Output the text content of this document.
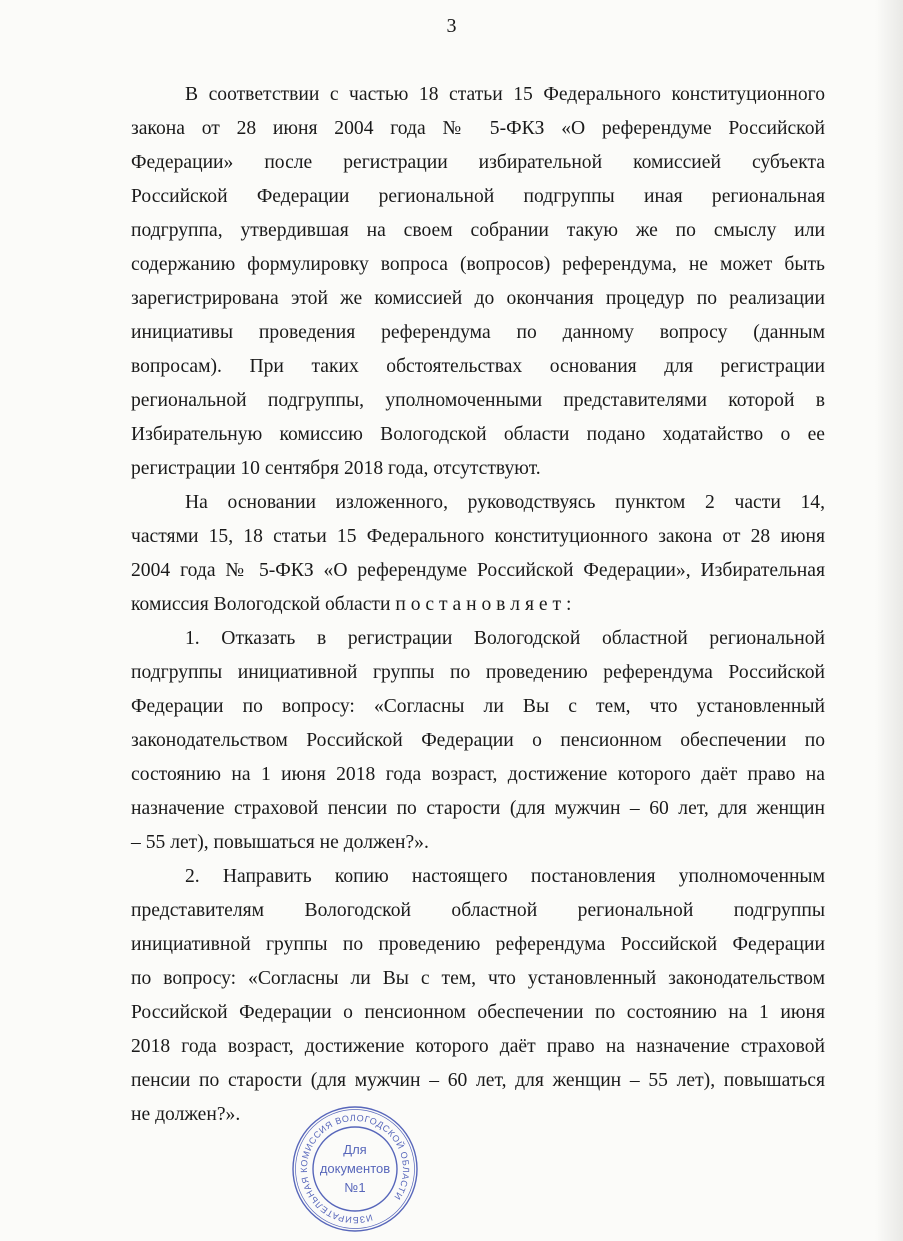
3
В соответствии с частью 18 статьи 15 Федерального конституционного
закона от 28 июня 2004 года № 5-ФКЗ «О референдуме Российской
Федерации» после регистрации избирательной комиссией субъекта
Российской Федерации региональной подгруппы иная региональная
подгруппа, утвердившая на своем собрании такую же по смыслу или
содержанию формулировку вопроса (вопросов) референдума, не может быть
зарегистрирована этой же комиссией до окончания процедур по реализации
инициативы проведения референдума по данному вопросу (данным
вопросам). При таких обстоятельствах основания для регистрации
региональной подгруппы, уполномоченными представителями которой в
Избирательную комиссию Вологодской области подано ходатайство о ее
регистрации 10 сентября 2018 года, отсутствуют.
На основании изложенного, руководствуясь пунктом 2 части 14,
частями 15, 18 статьи 15 Федерального конституционного закона от 28 июня
2004 года № 5-ФКЗ «О референдуме Российской Федерации», Избирательная
комиссия Вологодской области п о с т а н о в л я е т :
1. Отказать в регистрации Вологодской областной региональной
подгруппы инициативной группы по проведению референдума Российской
Федерации по вопросу: «Согласны ли Вы с тем, что установленный
законодательством Российской Федерации о пенсионном обеспечении по
состоянию на 1 июня 2018 года возраст, достижение которого даёт право на
назначение страховой пенсии по старости (для мужчин – 60 лет, для женщин
– 55 лет), повышаться не должен?».
2. Направить копию настоящего постановления уполномоченным
представителям Вологодской областной региональной подгруппы
инициативной группы по проведению референдума Российской Федерации
по вопросу: «Согласны ли Вы с тем, что установленный законодательством
Российской Федерации о пенсионном обеспечении по состоянию на 1 июня
2018 года возраст, достижение которого даёт право на назначение страховой
пенсии по старости (для мужчин – 60 лет, для женщин – 55 лет), повышаться
не должен?».
ИЗБИРАТЕЛЬНАЯ КОМИССИЯ ВОЛОГОДСКОЙ ОБЛАСТИ
Для
документов
№1
